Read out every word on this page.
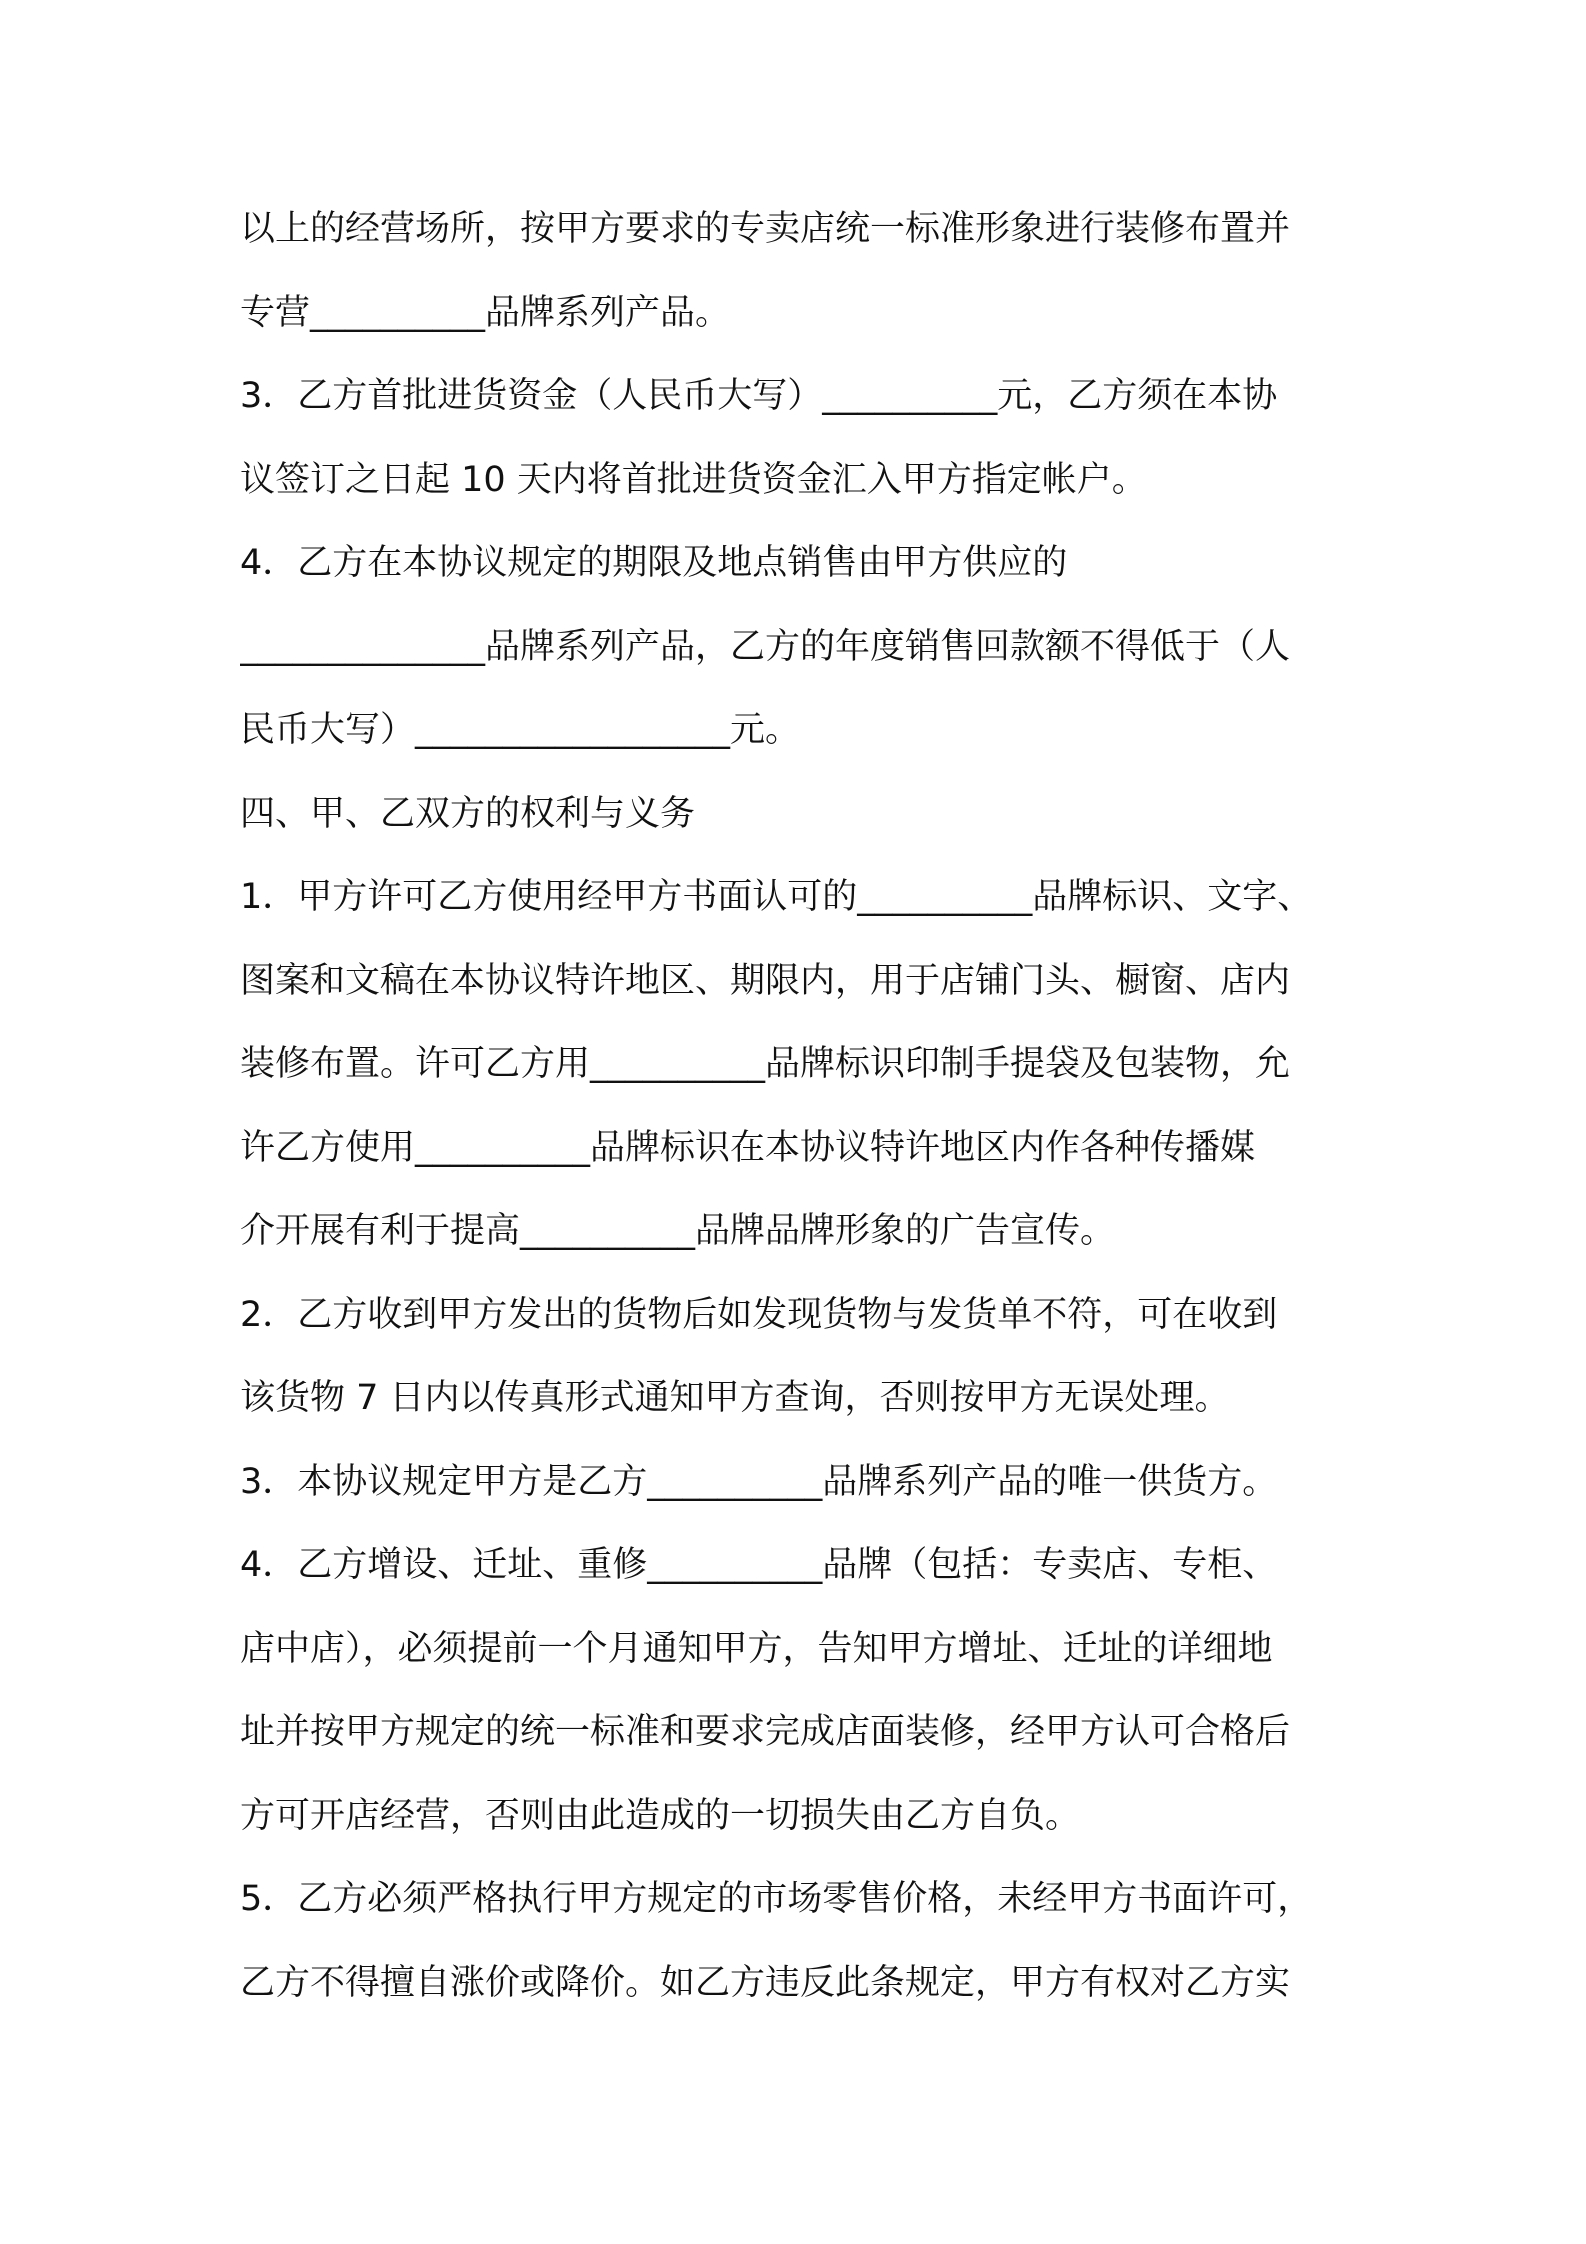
以上的经营场所，按甲方要求的专卖店统一标准形象进行装修布置并
专营__________品牌系列产品。
3．乙方首批进货资金（人民币大写）__________元，乙方须在本协
议签订之日起 10 天内将首批进货资金汇入甲方指定帐户。
4．乙方在本协议规定的期限及地点销售由甲方供应的
______________品牌系列产品，乙方的年度销售回款额不得低于（人
民币大写）__________________元。
四、甲、乙双方的权利与义务
1．甲方许可乙方使用经甲方书面认可的__________品牌标识、文字、
图案和文稿在本协议特许地区、期限内，用于店铺门头、橱窗、店内
装修布置。许可乙方用__________品牌标识印制手提袋及包装物，允
许乙方使用__________品牌标识在本协议特许地区内作各种传播媒
介开展有利于提高__________品牌品牌形象的广告宣传。
2．乙方收到甲方发出的货物后如发现货物与发货单不符，可在收到
该货物 7 日内以传真形式通知甲方查询，否则按甲方无误处理。
3．本协议规定甲方是乙方__________品牌系列产品的唯一供货方。
4．乙方增设、迁址、重修__________品牌（包括：专卖店、专柜、
店中店），必须提前一个月通知甲方，告知甲方增址、迁址的详细地
址并按甲方规定的统一标准和要求完成店面装修，经甲方认可合格后
方可开店经营，否则由此造成的一切损失由乙方自负。
5．乙方必须严格执行甲方规定的市场零售价格，未经甲方书面许可，
乙方不得擅自涨价或降价。如乙方违反此条规定，甲方有权对乙方实
